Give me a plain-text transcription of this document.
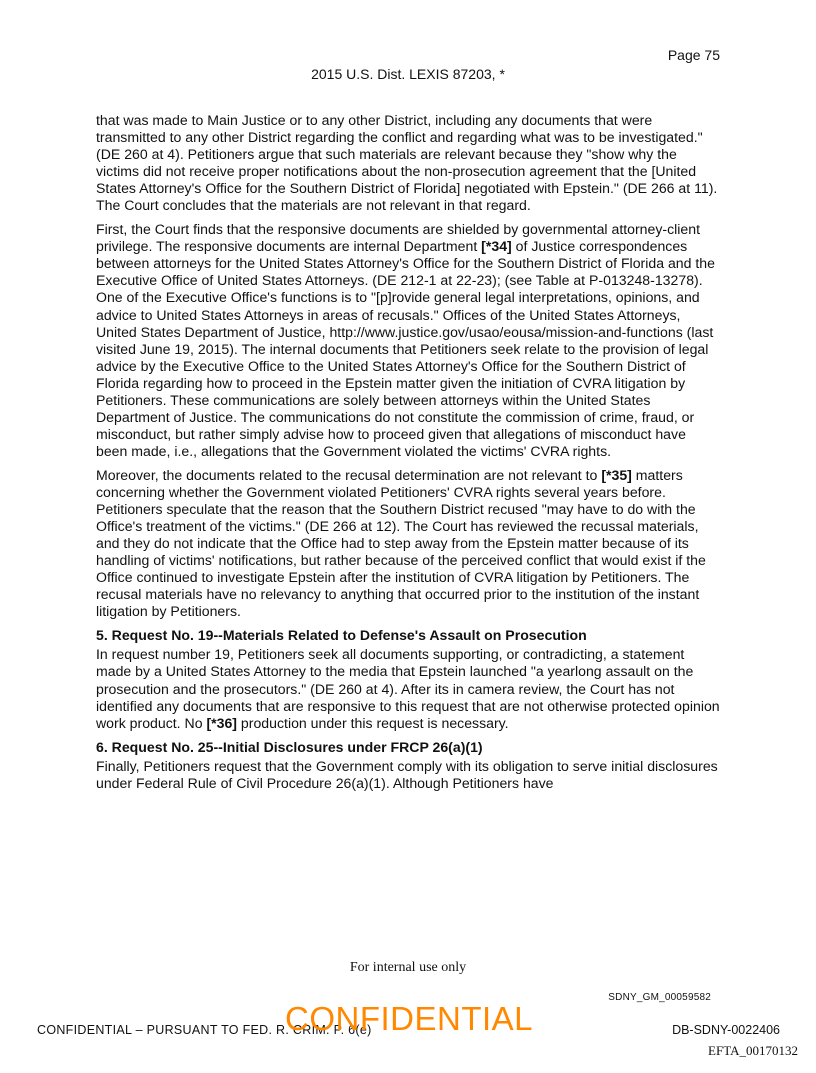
Page 75
2015 U.S. Dist. LEXIS 87203, *

that was made to Main Justice or to any other District, including any documents that were transmitted to any other District regarding the conflict and regarding what was to be investigated." (DE 260 at 4). Petitioners argue that such materials are relevant because they "show why the victims did not receive proper notifications about the non-prosecution agreement that the [United States Attorney's Office for the Southern District of Florida] negotiated with Epstein." (DE 266 at 11). The Court concludes that the materials are not relevant in that regard.

First, the Court finds that the responsive documents are shielded by governmental attorney-client privilege. The responsive documents are internal Department [*34] of Justice correspondences between attorneys for the United States Attorney's Office for the Southern District of Florida and the Executive Office of United States Attorneys. (DE 212-1 at 22-23); (see Table at P-013248-13278). One of the Executive Office's functions is to "[p]rovide general legal interpretations, opinions, and advice to United States Attorneys in areas of recusals." Offices of the United States Attorneys, United States Department of Justice, http://www.justice.gov/usao/eousa/mission-and-functions (last visited June 19, 2015). The internal documents that Petitioners seek relate to the provision of legal advice by the Executive Office to the United States Attorney's Office for the Southern District of Florida regarding how to proceed in the Epstein matter given the initiation of CVRA litigation by Petitioners. These communications are solely between attorneys within the United States Department of Justice. The communications do not constitute the commission of crime, fraud, or misconduct, but rather simply advise how to proceed given that allegations of misconduct have been made, i.e., allegations that the Government violated the victims' CVRA rights.

Moreover, the documents related to the recusal determination are not relevant to [*35] matters concerning whether the Government violated Petitioners' CVRA rights several years before. Petitioners speculate that the reason that the Southern District recused "may have to do with the Office's treatment of the victims." (DE 266 at 12). The Court has reviewed the recussal materials, and they do not indicate that the Office had to step away from the Epstein matter because of its handling of victims' notifications, but rather because of the perceived conflict that would exist if the Office continued to investigate Epstein after the institution of CVRA litigation by Petitioners. The recusal materials have no relevancy to anything that occurred prior to the institution of the instant litigation by Petitioners.

5. Request No. 19--Materials Related to Defense's Assault on Prosecution

In request number 19, Petitioners seek all documents supporting, or contradicting, a statement made by a United States Attorney to the media that Epstein launched "a yearlong assault on the prosecution and the prosecutors." (DE 260 at 4). After its in camera review, the Court has not identified any documents that are responsive to this request that are not otherwise protected opinion work product. No [*36] production under this request is necessary.

6. Request No. 25--Initial Disclosures under FRCP 26(a)(1)

Finally, Petitioners request that the Government comply with its obligation to serve initial disclosures under Federal Rule of Civil Procedure 26(a)(1). Although Petitioners have

For internal use only
SDNY_GM_00059582
CONFIDENTIAL – PURSUANT TO FED. R. CRIM. P. 6(e)
CONFIDENTIAL	DB-SDNY-0022406
EFTA_00170132
